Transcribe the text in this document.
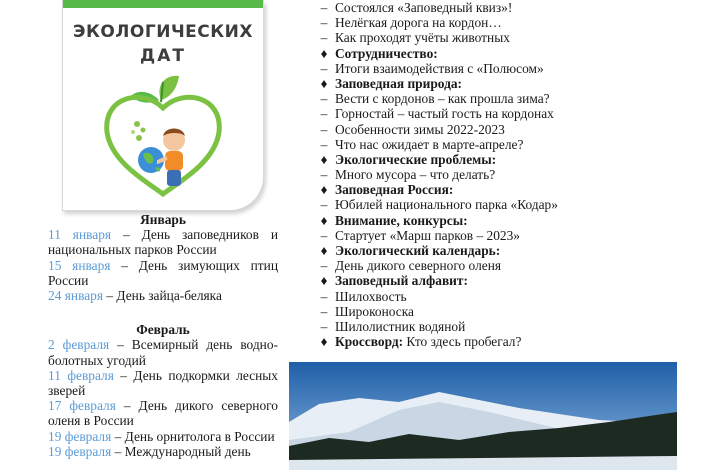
ЭКОЛОГИЧЕСКИХ
ДАТ
Январь
11 января – День заповедников и национальных парков России
15 января – День зимующих птиц России
24 января – День зайца-беляка
Февраль
2 февраля – Всемирный день водно-болотных угодий
11 февраля – День подкормки лесных зверей
17 февраля – День дикого северного оленя в России
19 февраля – День орнитолога в России
19 февраля – Международный день
– Состоялся «Заповедный квиз»!
– Нелёгкая дорога на кордон…
– Как проходят учёты животных
♦ Сотрудничество:
– Итоги взаимодействия с «Полюсом»
♦ Заповедная природа:
– Вести с кордонов – как прошла зима?
– Горностай – частый гость на кордонах
– Особенности зимы 2022-2023
– Что нас ожидает в марте-апреле?
♦ Экологические проблемы:
– Много мусора – что делать?
♦ Заповедная Россия:
– Юбилей национального парка «Кодар»
♦ Внимание, конкурсы:
– Стартует «Марш парков – 2023»
♦ Экологический календарь:
– День дикого северного оленя
♦ Заповедный алфавит:
– Шилохвость
– Широконоска
– Шилолистник водяной
♦ Кроссворд: Кто здесь пробегал?
